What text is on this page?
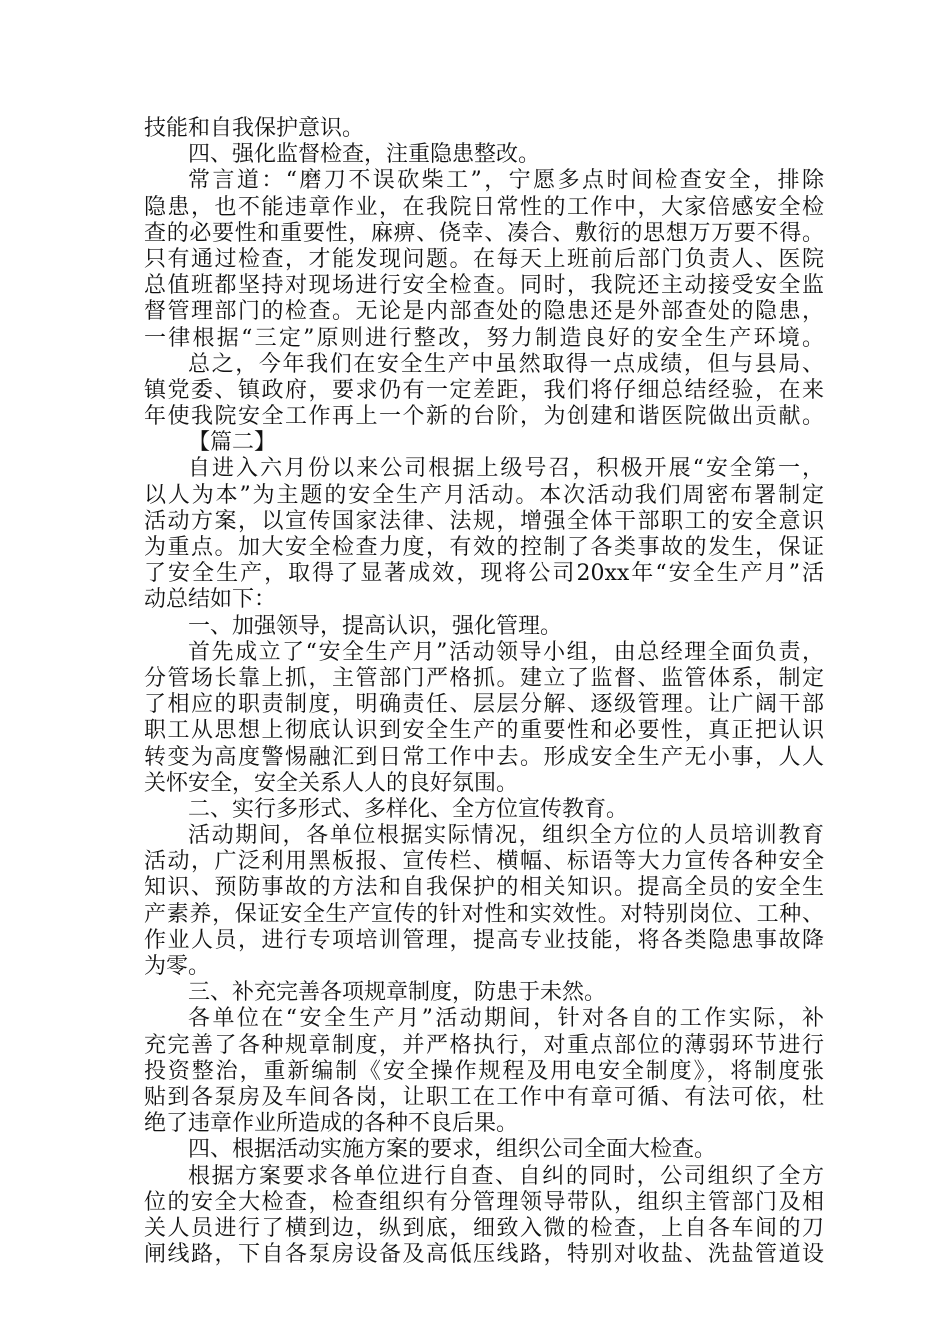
技能和自我保护意识。
四、强化监督检查，注重隐患整改。
常言道：“磨刀不误砍柴工”，宁愿多点时间检查安全，排除
隐患，也不能违章作业，在我院日常性的工作中，大家倍感安全检
查的必要性和重要性，麻痹、侥幸、凑合、敷衍的思想万万要不得。
只有通过检查，才能发现问题。在每天上班前后部门负责人、医院
总值班都坚持对现场进行安全检查。同时，我院还主动接受安全监
督管理部门的检查。无论是内部查处的隐患还是外部查处的隐患，
一律根据“三定”原则进行整改，努力制造良好的安全生产环境。
总之，今年我们在安全生产中虽然取得一点成绩，但与县局、
镇党委、镇政府，要求仍有一定差距，我们将仔细总结经验，在来
年使我院安全工作再上一个新的台阶，为创建和谐医院做出贡献。
【篇二】
自进入六月份以来公司根据上级号召，积极开展“安全第一，
以人为本”为主题的安全生产月活动。本次活动我们周密布署制定
活动方案，以宣传国家法律、法规，增强全体干部职工的安全意识
为重点。加大安全检查力度，有效的控制了各类事故的发生，保证
了安全生产，取得了显著成效，现将公司20xx年“安全生产月”活
动总结如下：
一、加强领导，提高认识，强化管理。
首先成立了“安全生产月”活动领导小组，由总经理全面负责，
分管场长靠上抓，主管部门严格抓。建立了监督、监管体系，制定
了相应的职责制度，明确责任、层层分解、逐级管理。让广阔干部
职工从思想上彻底认识到安全生产的重要性和必要性，真正把认识
转变为高度警惕融汇到日常工作中去。形成安全生产无小事，人人
关怀安全，安全关系人人的良好氛围。
二、实行多形式、多样化、全方位宣传教育。
活动期间，各单位根据实际情况，组织全方位的人员培训教育
活动，广泛利用黑板报、宣传栏、横幅、标语等大力宣传各种安全
知识、预防事故的方法和自我保护的相关知识。提高全员的安全生
产素养，保证安全生产宣传的针对性和实效性。对特别岗位、工种、
作业人员，进行专项培训管理，提高专业技能，将各类隐患事故降
为零。
三、补充完善各项规章制度，防患于未然。
各单位在“安全生产月”活动期间，针对各自的工作实际，补
充完善了各种规章制度，并严格执行，对重点部位的薄弱环节进行
投资整治，重新编制《安全操作规程及用电安全制度》，将制度张
贴到各泵房及车间各岗，让职工在工作中有章可循、有法可依，杜
绝了违章作业所造成的各种不良后果。
四、根据活动实施方案的要求，组织公司全面大检查。
根据方案要求各单位进行自查、自纠的同时，公司组织了全方
位的安全大检查，检查组织有分管理领导带队，组织主管部门及相
关人员进行了横到边，纵到底，细致入微的检查，上自各车间的刀
闸线路，下自各泵房设备及高低压线路，特别对收盐、洗盐管道设
